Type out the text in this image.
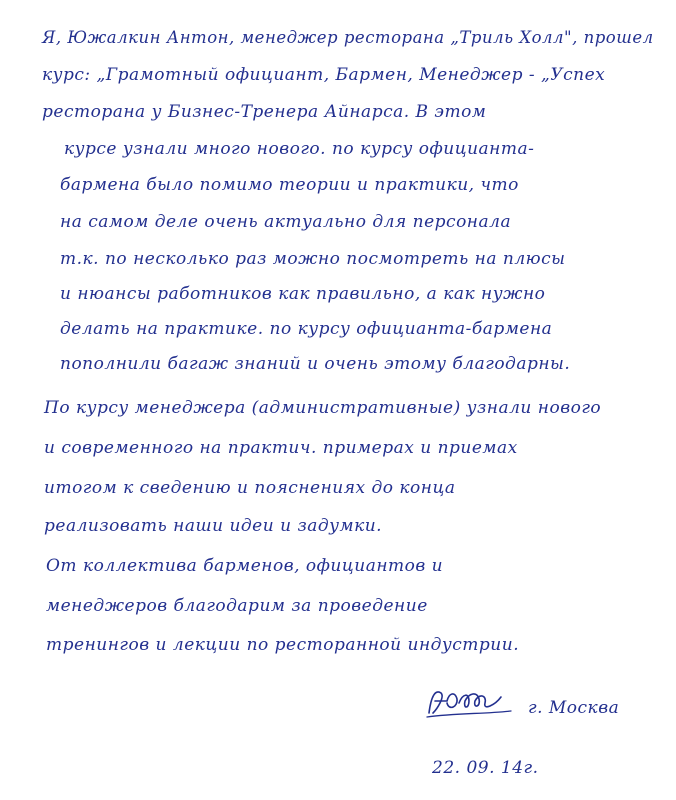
Я, Южалкин Антон, менеджер ресторана „Триль Холл", прошел
курс: „Грамотный официант, Бармен, Менеджер - „Успех
ресторана у Бизнес-Тренера Айнарса. В этом
курсе узнали много нового. по курсу официанта-
бармена было помимо теории и практики, что
на самом деле очень актуально для персонала
т.к. по несколько раз можно посмотреть на плюсы
и нюансы работников как правильно, а как нужно
делать на практике. по курсу официанта-бармена
пополнили багаж знаний и очень этому благодарны.
По курсу менеджера (административные) узнали нового
и современного на практич. примерах и приемах
итогом к сведению и пояснениях до конца
реализовать наши идеи и задумки.
От коллектива барменов, официантов и
менеджеров благодарим за проведение
тренингов и лекции по ресторанной индустрии.
г. Москва
22. 09. 14г.
